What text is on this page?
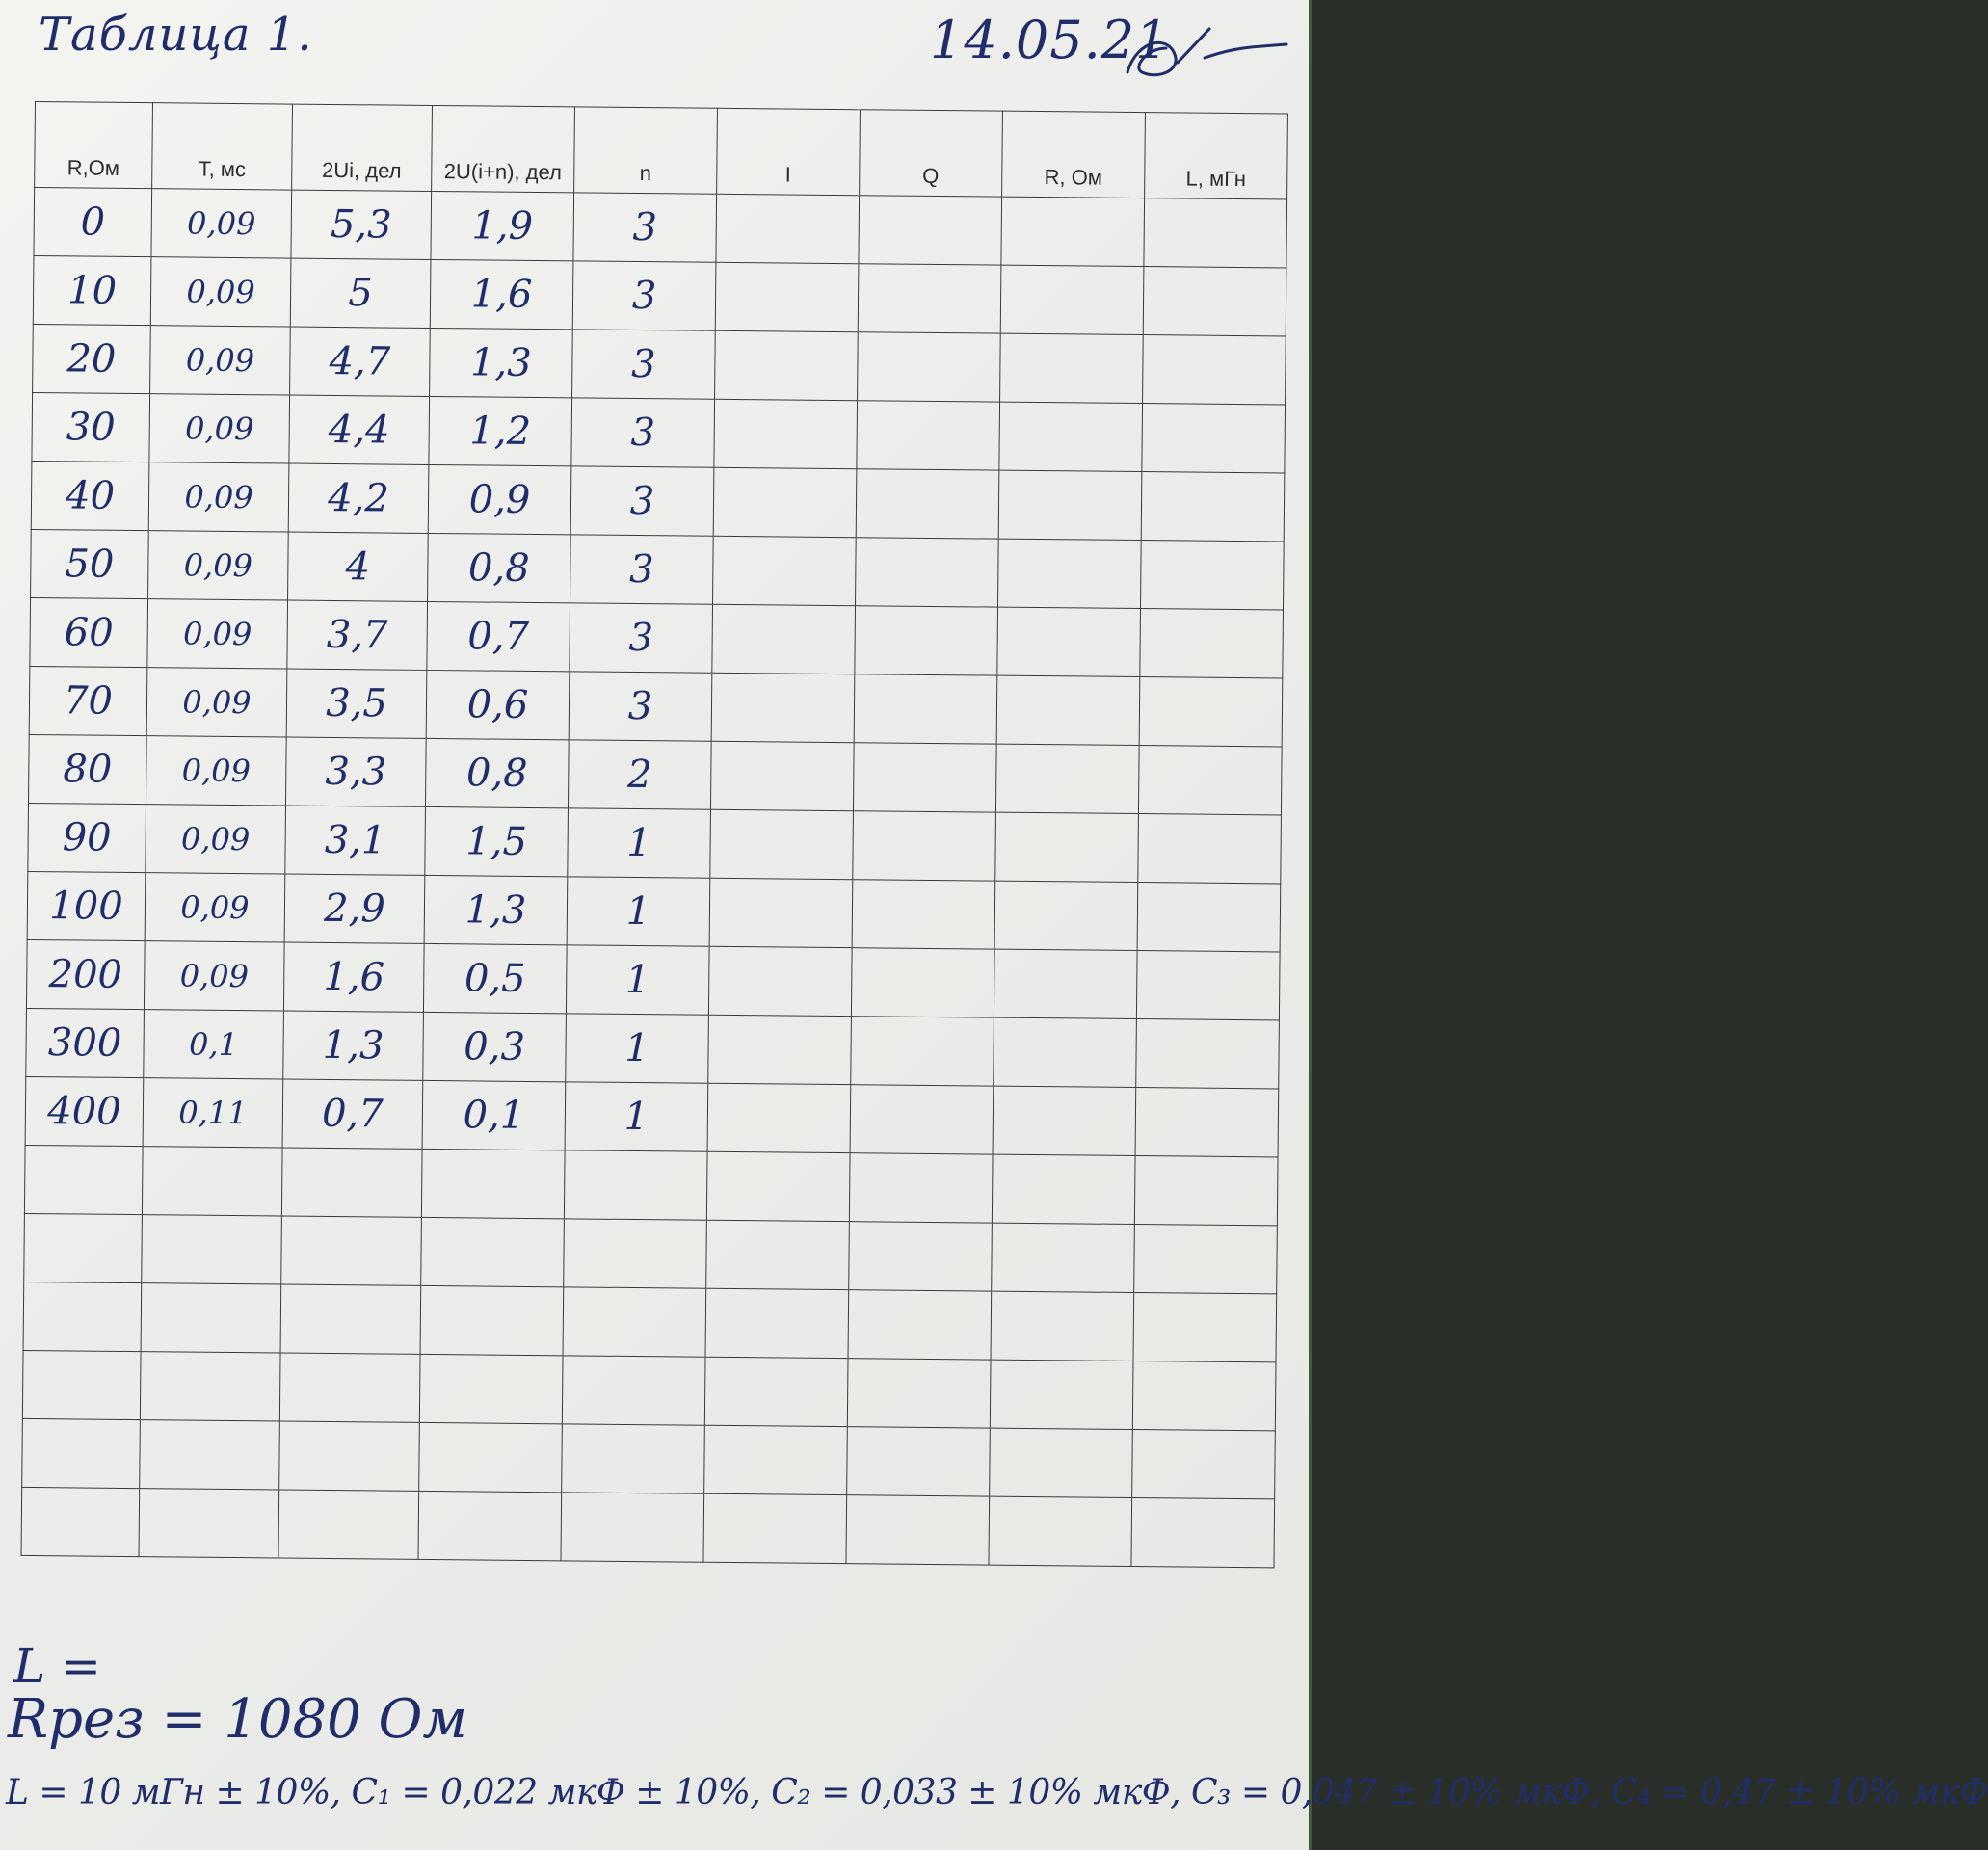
Таблица 1.	14.05.21
R,Ом	T, мс	2Ui, дел	2U(i+n), дел	n	I	Q	R, Ом	L, мГн
0	0,09	5,3	1,9	3				
10	0,09	5	1,6	3				
20	0,09	4,7	1,3	3				
30	0,09	4,4	1,2	3				
40	0,09	4,2	0,9	3				
50	0,09	4	0,8	3				
60	0,09	3,7	0,7	3				
70	0,09	3,5	0,6	3				
80	0,09	3,3	0,8	2				
90	0,09	3,1	1,5	1				
100	0,09	2,9	1,3	1				
200	0,09	1,6	0,5	1				
300	0,1	1,3	0,3	1				
400	0,11	0,7	0,1	1				

L =
Rрез = 1080 Ом
L = 10 мГн ± 10%, C₁ = 0,022 мкФ ± 10%, C₂ = 0,033 ± 10% мкФ, C₃ = 0,047 ± 10% мкФ, C₄ = 0,47 ± 10% мкФ
